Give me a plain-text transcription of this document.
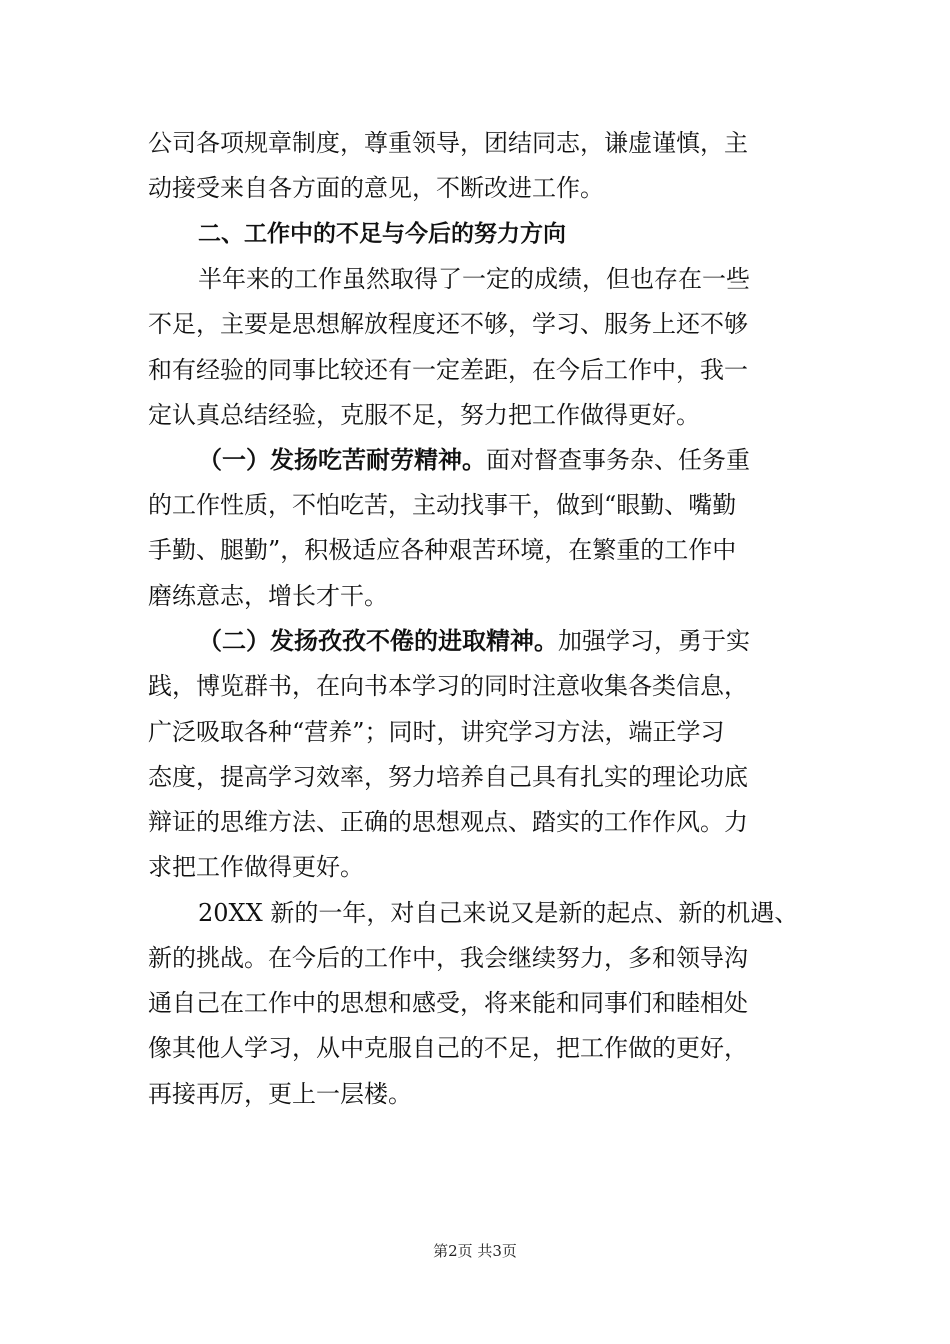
公司各项规章制度，尊重领导，团结同志，谦虚谨慎，主
动接受来自各方面的意见，不断改进工作。
二、工作中的不足与今后的努力方向
半年来的工作虽然取得了一定的成绩，但也存在一些
不足，主要是思想解放程度还不够，学习、服务上还不够
和有经验的同事比较还有一定差距，在今后工作中，我一
定认真总结经验，克服不足，努力把工作做得更好。
（一）发扬吃苦耐劳精神。面对督查事务杂、任务重
的工作性质，不怕吃苦，主动找事干，做到“眼勤、嘴勤
手勤、腿勤”，积极适应各种艰苦环境，在繁重的工作中
磨练意志，增长才干。
（二）发扬孜孜不倦的进取精神。加强学习，勇于实
践，博览群书，在向书本学习的同时注意收集各类信息，
广泛吸取各种“营养”；同时，讲究学习方法，端正学习
态度，提高学习效率，努力培养自己具有扎实的理论功底
辩证的思维方法、正确的思想观点、踏实的工作作风。力
求把工作做得更好。
20XX 新的一年，对自己来说又是新的起点、新的机遇、
新的挑战。在今后的工作中，我会继续努力，多和领导沟
通自己在工作中的思想和感受，将来能和同事们和睦相处
像其他人学习，从中克服自己的不足，把工作做的更好，
再接再厉，更上一层楼。
第2页 共3页
